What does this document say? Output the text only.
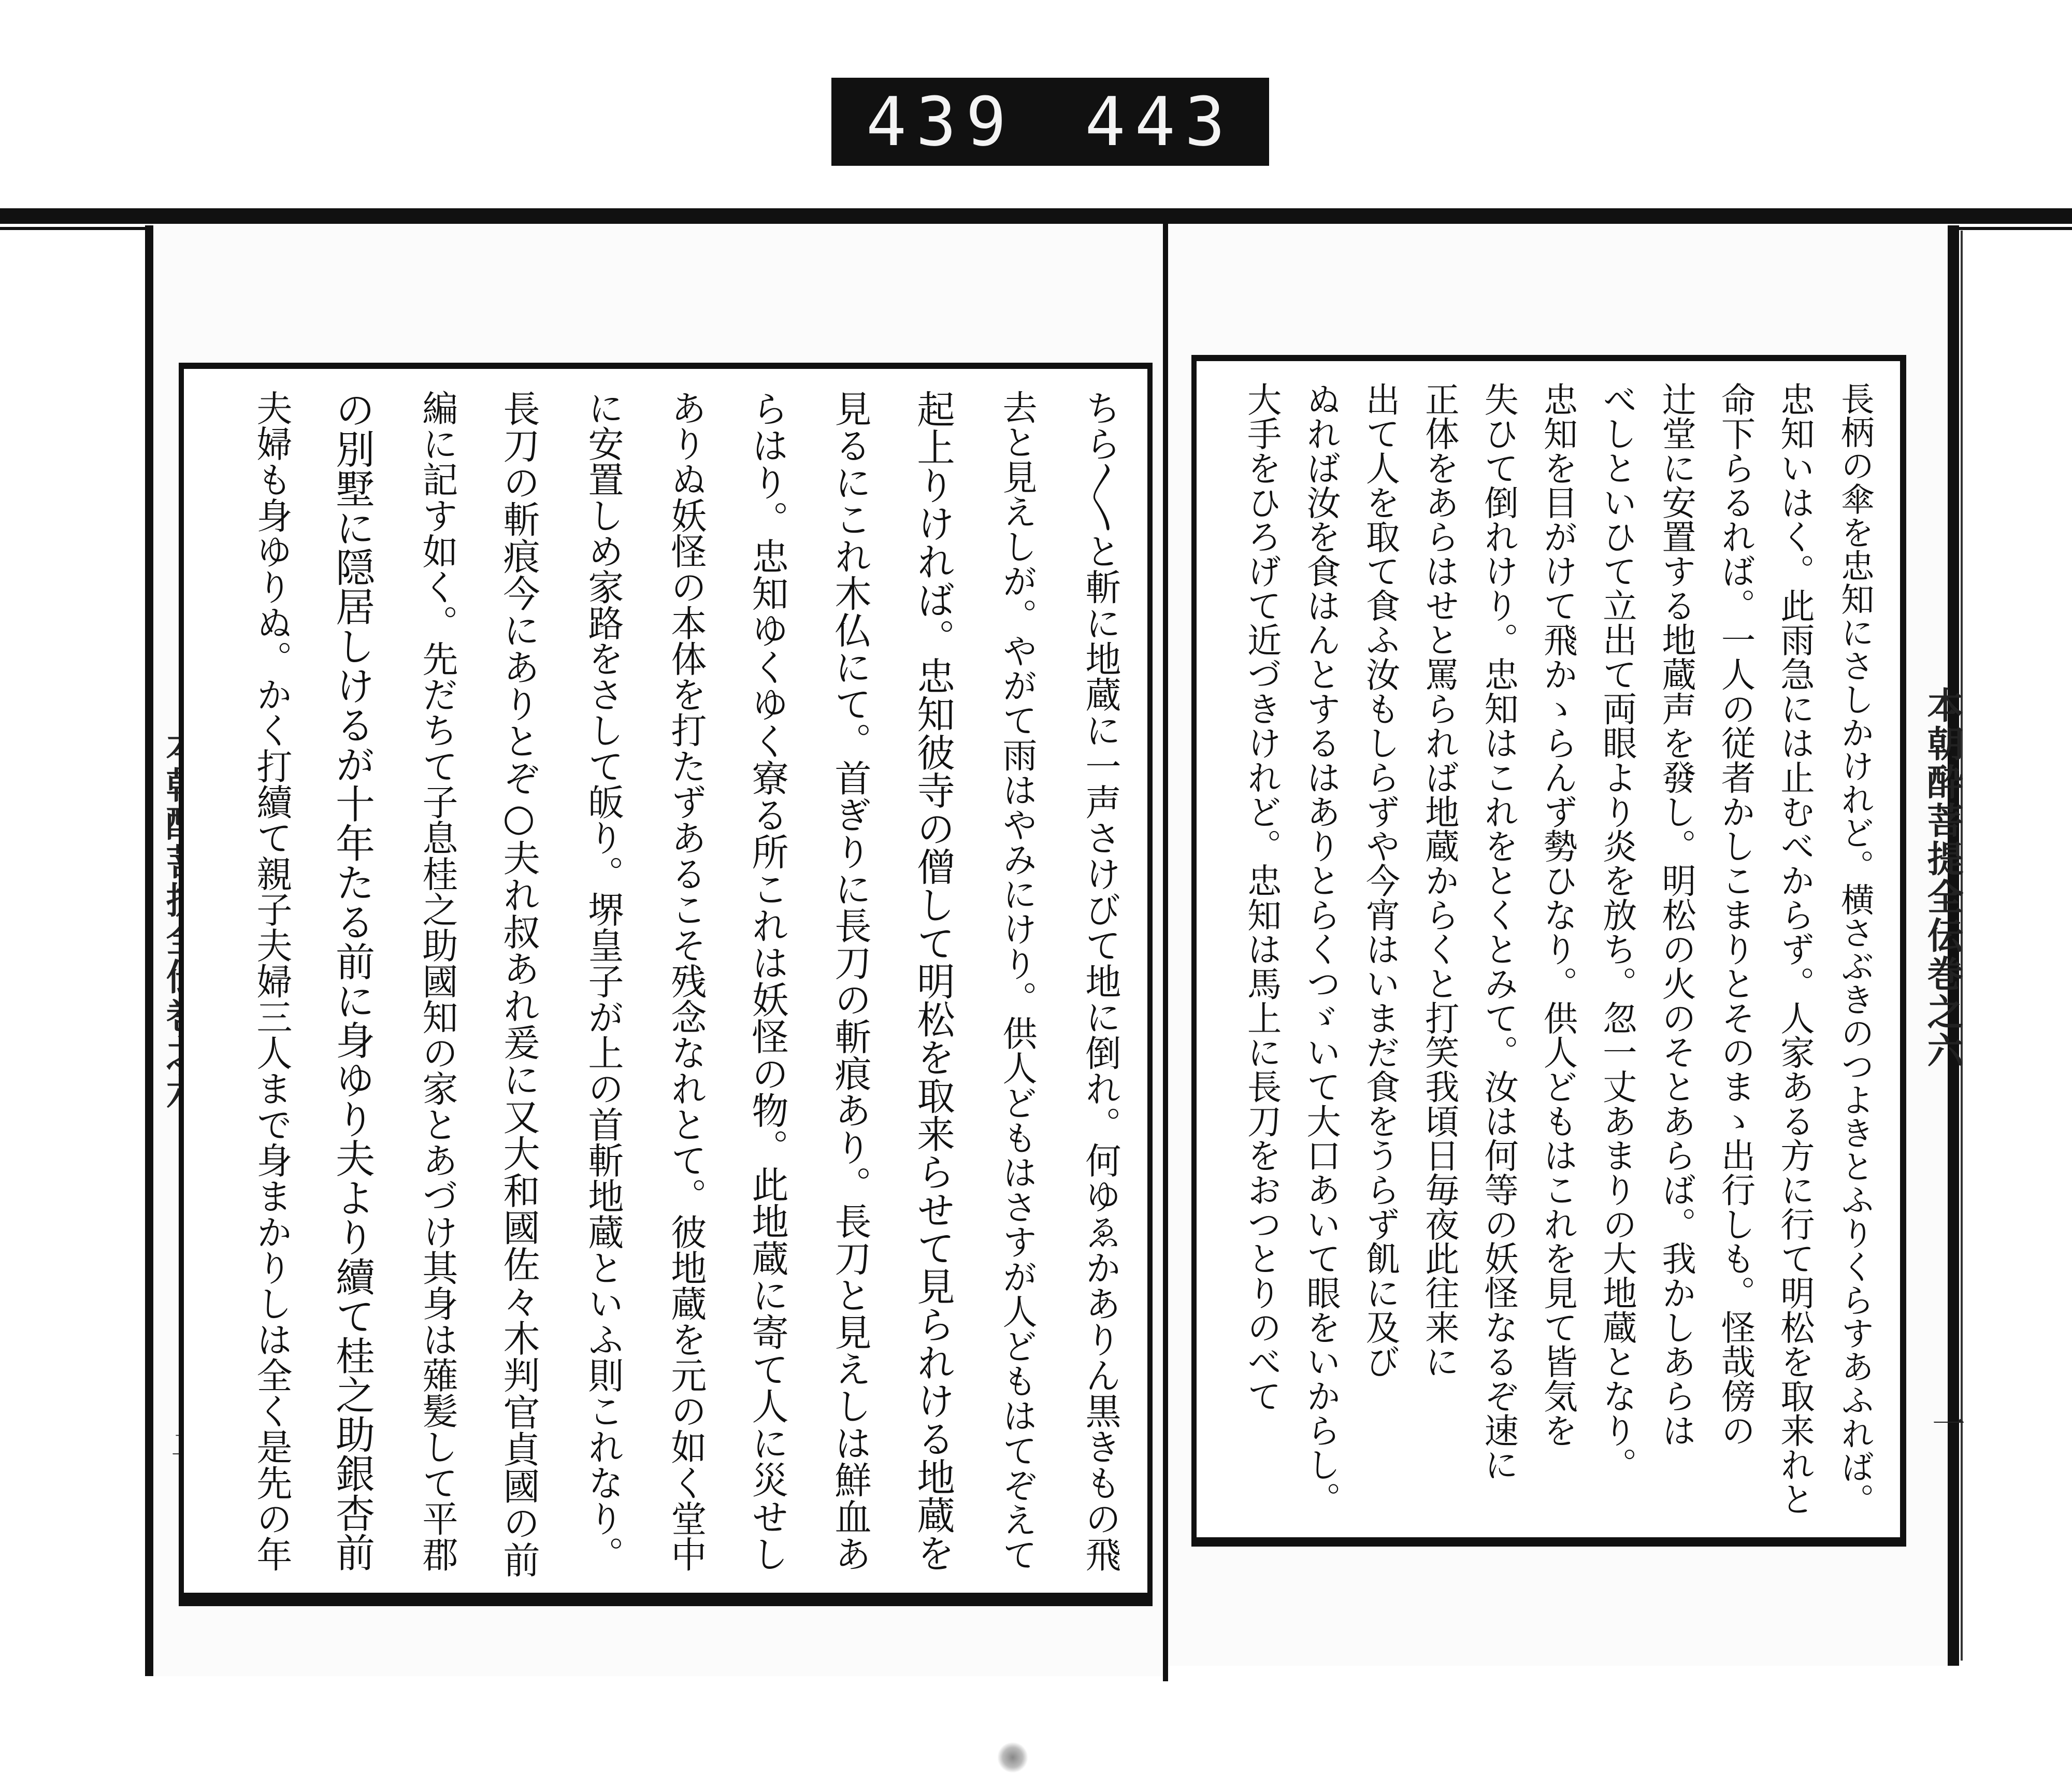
439 443
本朝酔菩提全伝巻之六
一
ちら〳〵と斬に地蔵に一声さけびて地に倒れ。何ゆゑかありん黒きもの飛
去と見えしが。やがて雨はやみにけり。供人どもはさすが人どもはてぞえて
起上りければ。忠知彼寺の僧して明松を取来らせて見られける地蔵を
見るにこれ木仏にて。首ぎりに長刀の斬痕あり。長刀と見えしは鮮血あ
らはり。忠知ゆくゆく寮る所これは妖怪の物。此地蔵に寄て人に災せし
ありぬ妖怪の本体を打たずあるこそ残念なれとて。彼地蔵を元の如く堂中
に安置しめ家路をさして皈り。堺皇子が上の首斬地蔵といふ則これなり。
長刀の斬痕今にありとぞ○夫れ叔あれ爰に又大和國佐々木判官貞國の前
編に記す如く。先だちて子息桂之助國知の家とあづけ其身は薙髪して平郡
の別墅に隠居しけるが十年たる前に身ゆり夫より續て桂之助銀杏前
夫婦も身ゆりぬ。かく打續て親子夫婦三人まで身まかりしは全く是先の年	長柄の傘を忠知にさしかけれど。横さぶきのつよきとふりくらすあふれば。
忠知いはく。此雨急には止むべからず。人家ある方に行て明松を取来れと
命下らるれば。一人の従者かしこまりとそのまゝ出行しも。怪哉傍の
辻堂に安置する地蔵声を發し。明松の火のそとあらば。我かしあらは
べしといひて立出て両眼より炎を放ち。忽一丈あまりの大地蔵となり。
忠知を目がけて飛かゝらんず勢ひなり。供人どもはこれを見て皆気を
失ひて倒れけり。忠知はこれをとくとみて。汝は何等の妖怪なるぞ速に
正体をあらはせと罵られば地蔵からくと打笑我頃日毎夜此往来に
出て人を取て食ふ汝もしらずや今宵はいまだ食をうらず飢に及び
ぬれば汝を食はんとするはありとらくつゞいて大口あいて眼をいからし。
大手をひろげて近づきけれど。忠知は馬上に長刀をおつとりのべて
